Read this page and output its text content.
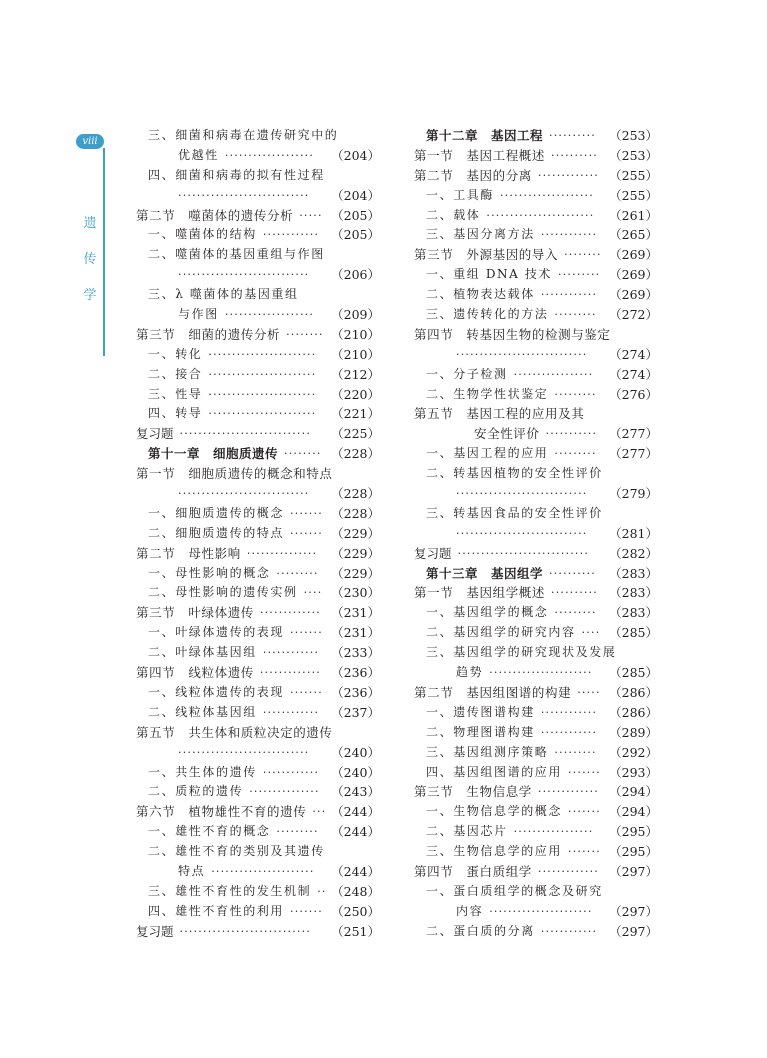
viii
遗
传
学
三、细菌和病毒在遗传研究中的
优越性	（204）
···················
四、细菌和病毒的拟有性过程
（204）
····························
第二节　噬菌体的遗传分析	（205）
·····
一、噬菌体的结构	（205）
············
二、噬菌体的基因重组与作图
（206）
····························
三、λ 噬菌体的基因重组
与作图	（209）
···················
第三节　细菌的遗传分析	（210）
········
一、转化	（210）
·······················
二、接合	（212）
·······················
三、性导	（220）
·······················
四、转导	（221）
·······················
复习题	（225）
····························
第十一章　细胞质遗传	（228）
········
第一节　细胞质遗传的概念和特点
（228）
····························
一、细胞质遗传的概念	（228）
·······
二、细胞质遗传的特点	（229）
·······
第二节　母性影响	（229）
···············
一、母性影响的概念	（229）
·········
二、母性影响的遗传实例	（230）
····
第三节　叶绿体遗传	（231）
·············
一、叶绿体遗传的表现	（231）
·······
二、叶绿体基因组	（233）
············
第四节　线粒体遗传	（236）
·············
一、线粒体遗传的表现	（236）
·······
二、线粒体基因组	（237）
············
第五节　共生体和质粒决定的遗传
（240）
····························
一、共生体的遗传	（240）
············
二、质粒的遗传	（243）
···············
第六节　植物雄性不育的遗传 （244）
···
一、雄性不育的概念	（244）
·········
二、雄性不育的类别及其遗传
特点	（244）
······················
三、雄性不育性的发生机制 （248）
··
四、雄性不育性的利用	（250）
·······
复习题	（251）
····························
第十二章　基因工程	（253）
··········
第一节　基因工程概述	（253）
··········
第二节　基因的分离	（255）
·············
一、工具酶	（255）
····················
二、载体	（261）
·······················
三、基因分离方法	（265）
············
第三节　外源基因的导入	（269）
········
一、重组 DNA 技术	（269）
·········
二、植物表达载体	（269）
············
三、遗传转化的方法	（272）
·········
第四节　转基因生物的检测与鉴定
（274）
····························
一、分子检测	（274）
·················
二、生物学性状鉴定	（276）
·········
第五节　基因工程的应用及其
安全性评价	（277）
···········
一、基因工程的应用	（277）
·········
二、转基因植物的安全性评价
（279）
····························
三、转基因食品的安全性评价
（281）
····························
复习题	（282）
····························
第十三章　基因组学	（283）
··········
第一节　基因组学概述	（283）
··········
一、基因组学的概念	（283）
·········
二、基因组学的研究内容	（285）
····
三、基因组学的研究现状及发展
趋势	（285）
······················
第二节　基因组图谱的构建	（286）
·····
一、遗传图谱构建	（286）
············
二、物理图谱构建	（289）
············
三、基因组测序策略	（292）
·········
四、基因组图谱的应用	（293）
·······
第三节　生物信息学	（294）
·············
一、生物信息学的概念	（294）
·······
二、基因芯片	（295）
·················
三、生物信息学的应用	（295）
·······
第四节　蛋白质组学	（297）
·············
一、蛋白质组学的概念及研究
内容	（297）
······················
二、蛋白质的分离	（297）
············
